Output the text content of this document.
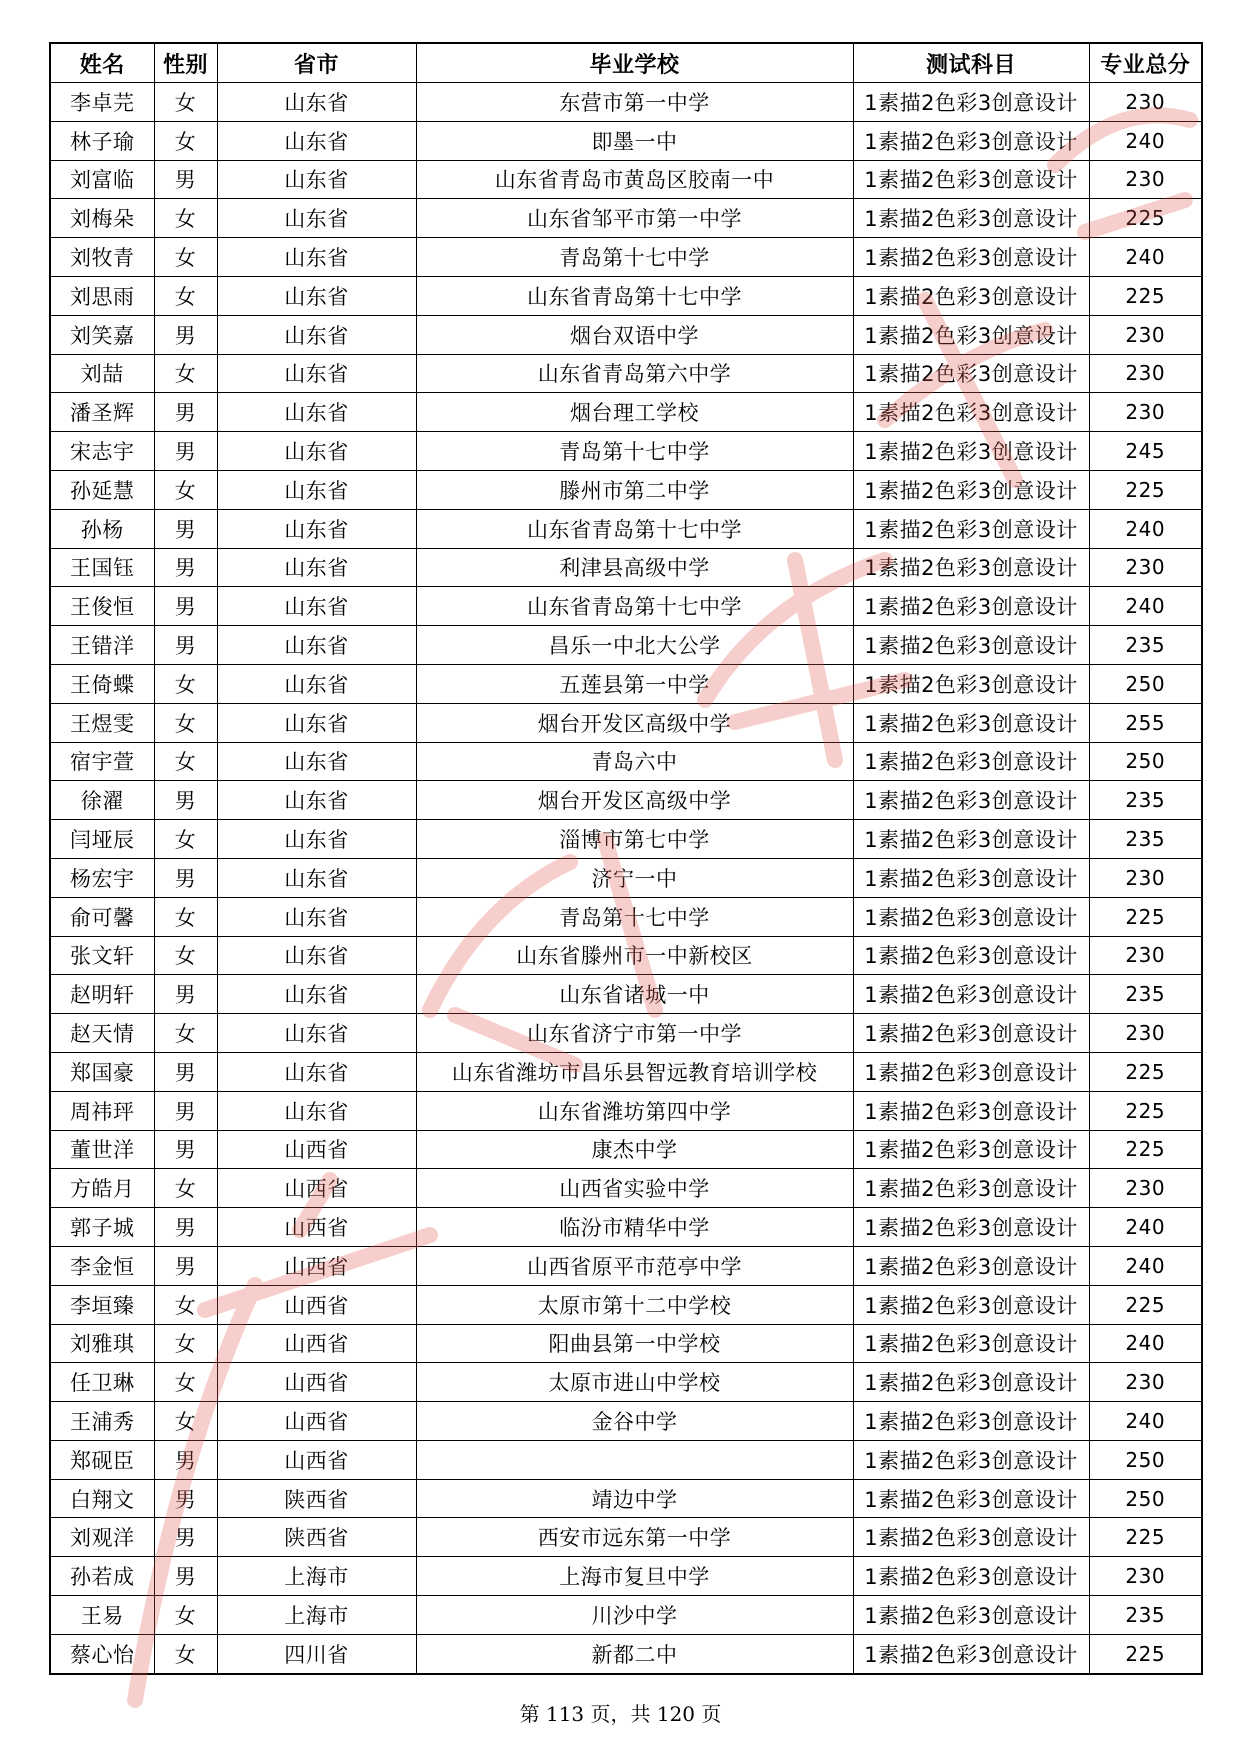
姓名	性别	省市	毕业学校	测试科目	专业总分
李卓芫	女	山东省	东营市第一中学	1素描2色彩3创意设计	230
林子瑜	女	山东省	即墨一中	1素描2色彩3创意设计	240
刘富临	男	山东省	山东省青岛市黄岛区胶南一中	1素描2色彩3创意设计	230
刘梅朵	女	山东省	山东省邹平市第一中学	1素描2色彩3创意设计	225
刘牧青	女	山东省	青岛第十七中学	1素描2色彩3创意设计	240
刘思雨	女	山东省	山东省青岛第十七中学	1素描2色彩3创意设计	225
刘笑嘉	男	山东省	烟台双语中学	1素描2色彩3创意设计	230
刘喆	女	山东省	山东省青岛第六中学	1素描2色彩3创意设计	230
潘圣辉	男	山东省	烟台理工学校	1素描2色彩3创意设计	230
宋志宇	男	山东省	青岛第十七中学	1素描2色彩3创意设计	245
孙延慧	女	山东省	滕州市第二中学	1素描2色彩3创意设计	225
孙杨	男	山东省	山东省青岛第十七中学	1素描2色彩3创意设计	240
王国钰	男	山东省	利津县高级中学	1素描2色彩3创意设计	230
王俊恒	男	山东省	山东省青岛第十七中学	1素描2色彩3创意设计	240
王错洋	男	山东省	昌乐一中北大公学	1素描2色彩3创意设计	235
王倚蝶	女	山东省	五莲县第一中学	1素描2色彩3创意设计	250
王煜雯	女	山东省	烟台开发区高级中学	1素描2色彩3创意设计	255
宿宇萱	女	山东省	青岛六中	1素描2色彩3创意设计	250
徐濯	男	山东省	烟台开发区高级中学	1素描2色彩3创意设计	235
闫垭辰	女	山东省	淄博市第七中学	1素描2色彩3创意设计	235
杨宏宇	男	山东省	济宁一中	1素描2色彩3创意设计	230
俞可馨	女	山东省	青岛第十七中学	1素描2色彩3创意设计	225
张文轩	女	山东省	山东省滕州市一中新校区	1素描2色彩3创意设计	230
赵明轩	男	山东省	山东省诸城一中	1素描2色彩3创意设计	235
赵天情	女	山东省	山东省济宁市第一中学	1素描2色彩3创意设计	230
郑国豪	男	山东省	山东省潍坊市昌乐县智远教育培训学校	1素描2色彩3创意设计	225
周祎玶	男	山东省	山东省潍坊第四中学	1素描2色彩3创意设计	225
董世洋	男	山西省	康杰中学	1素描2色彩3创意设计	225
方皓月	女	山西省	山西省实验中学	1素描2色彩3创意设计	230
郭子城	男	山西省	临汾市精华中学	1素描2色彩3创意设计	240
李金恒	男	山西省	山西省原平市范亭中学	1素描2色彩3创意设计	240
李垣臻	女	山西省	太原市第十二中学校	1素描2色彩3创意设计	225
刘雅琪	女	山西省	阳曲县第一中学校	1素描2色彩3创意设计	240
任卫琳	女	山西省	太原市进山中学校	1素描2色彩3创意设计	230
王浦秀	女	山西省	金谷中学	1素描2色彩3创意设计	240
郑砚臣	男	山西省		1素描2色彩3创意设计	250
白翔文	男	陕西省	靖边中学	1素描2色彩3创意设计	250
刘观洋	男	陕西省	西安市远东第一中学	1素描2色彩3创意设计	225
孙若成	男	上海市	上海市复旦中学	1素描2色彩3创意设计	230
王易	女	上海市	川沙中学	1素描2色彩3创意设计	235
蔡心怡	女	四川省	新都二中	1素描2色彩3创意设计	225
第 113 页，共 120 页
